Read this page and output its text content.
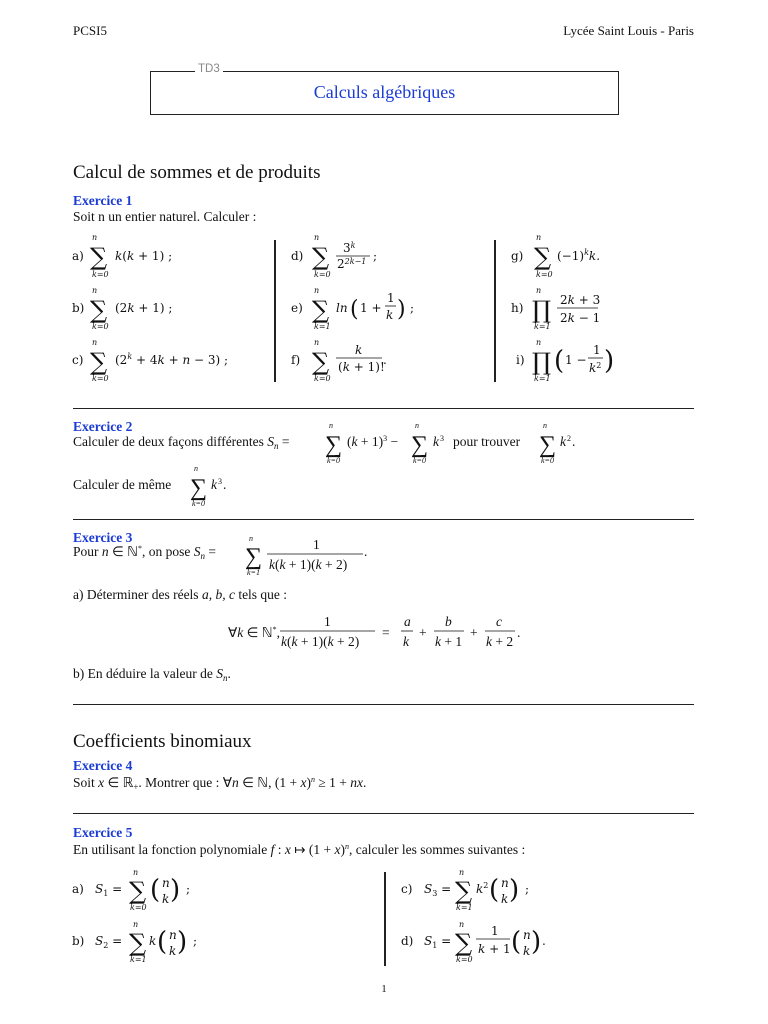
PCSI5	Lycée Saint Louis - Paris
TD3
Calculs algébriques
Calcul de sommes et de produits
Exercice 1
Soit n un entier naturel. Calculer :
a)
n
∑
k=0
k(k + 1) ;
b)
n
∑
k=0
(2k + 1) ;
c)
n
∑
k=0
$(2^k + 4k + n - 3)$ ;
d)
n
∑
k=0
3$^k$
$2^{2k-1}$ ;
e)
n
∑
k=1
ln ( 1 +
1
k ) ;
f)
n
∑
k=0
k
(k + 1)!
.
g)
n
∑
k=0
$(-1)^kk$.
h)
n
∏
k=1
2k + 3
2k − 1
i)
n
∏
k=1
( 1 −
1
$k^2$ )
Exercice 2
Calculer de deux façons différentes $S_n$ =
n
∑
k=0
$(k + 1)^3$ −
n
∑
k=0
k 3 pour trouver
n
∑
k=0
k 2 .
Calculer de même
n
∑
k=0
k 3 .
Exercice 3
Pour n ∈ ℕ*, on pose $S_n$ =
n
∑
k=1
1
k(k + 1)(k + 2)
.
a) Déterminer des réels a, b, c tels que :
∀k ∈ ℕ*,
1
k(k + 1)(k + 2)
=
a
k
+
b
k + 1
+
c
k + 2
.
b) En déduire la valeur de $S_n$.
Coefficients binomiaux
Exercice 4
Soit x ∈ ℝ$_+$. Montrer que : ∀n ∈ ℕ, $(1 + x)^n \ge 1$ + nx.
Exercice 5
En utilisant la fonction polynomiale f : x ↦ $(1 + x)^n$, calculer les sommes suivantes :
a) $S_1$ =
n
∑
k=0
( n
k ) ;
b) $S_2$ =
n
∑
k=1
k ( n
k ) ;
c) $S_3$ =
n
∑
k=1
$k^2$ ( n
k ) ;
d) $S_1$ =
n
∑
k=0
1
k + 1 ( n
k ) .
1
